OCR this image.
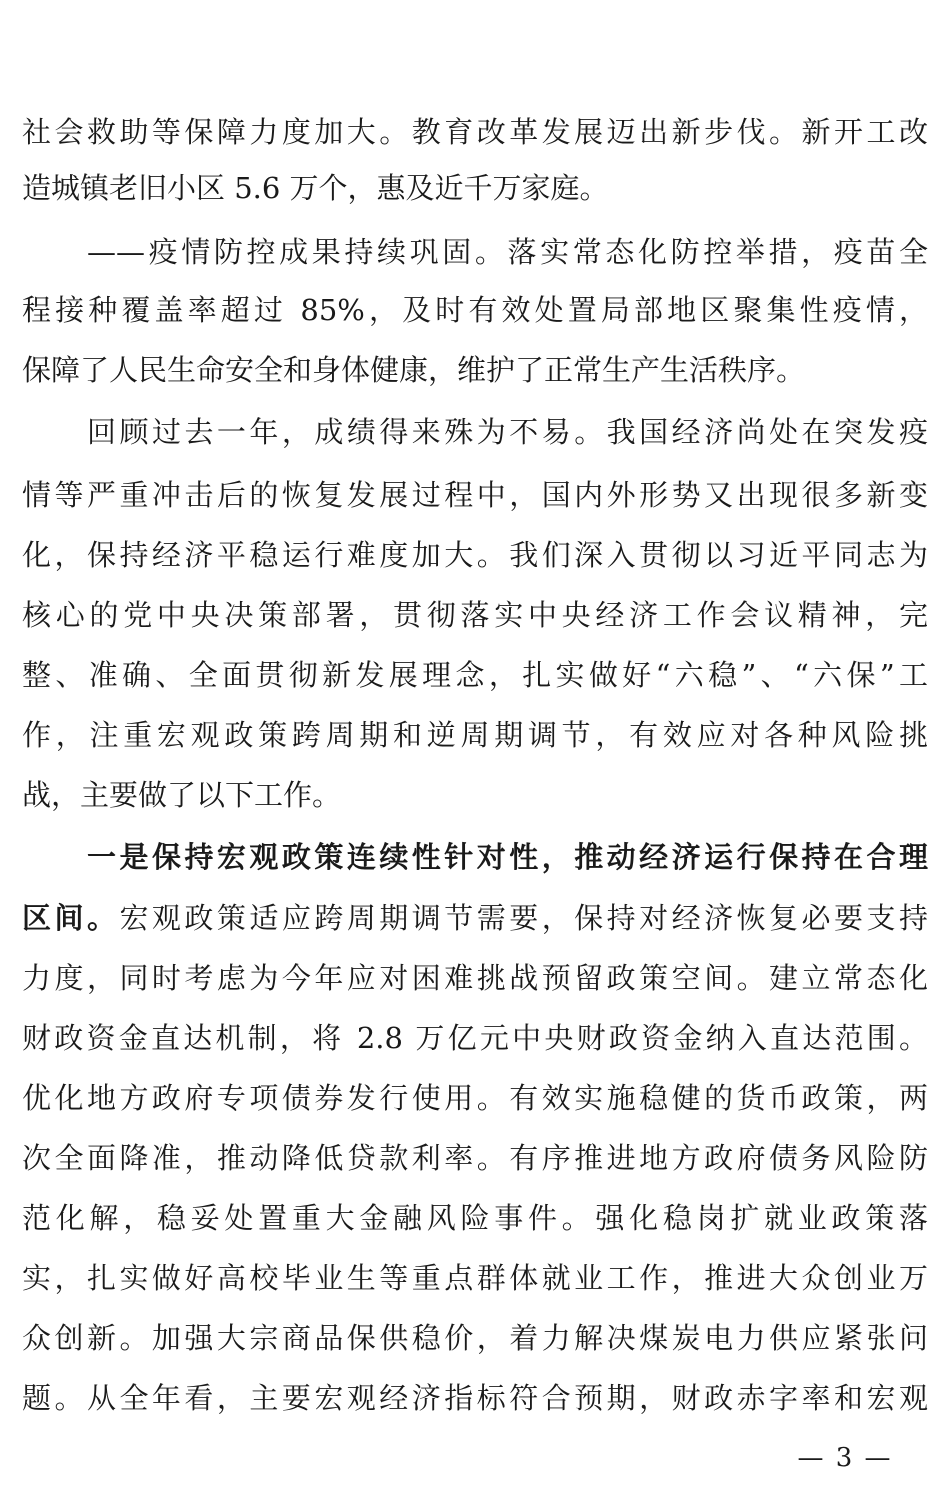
社会救助等保障力度加大。教育改革发展迈出新步伐。新开工改
造城镇老旧小区 5.6 万个，惠及近千万家庭。
——疫情防控成果持续巩固。落实常态化防控举措，疫苗全
程接种覆盖率超过 85%，及时有效处置局部地区聚集性疫情，
保障了人民生命安全和身体健康，维护了正常生产生活秩序。
回顾过去一年，成绩得来殊为不易。我国经济尚处在突发疫
情等严重冲击后的恢复发展过程中，国内外形势又出现很多新变
化，保持经济平稳运行难度加大。我们深入贯彻以习近平同志为
核心的党中央决策部署，贯彻落实中央经济工作会议精神，完
整、准确、全面贯彻新发展理念，扎实做好“六稳”、“六保”工
作，注重宏观政策跨周期和逆周期调节，有效应对各种风险挑
战，主要做了以下工作。
一是保持宏观政策连续性针对性，推动经济运行保持在合理
区间。宏观政策适应跨周期调节需要，保持对经济恢复必要支持
力度，同时考虑为今年应对困难挑战预留政策空间。建立常态化
财政资金直达机制，将 2.8 万亿元中央财政资金纳入直达范围。
优化地方政府专项债券发行使用。有效实施稳健的货币政策，两
次全面降准，推动降低贷款利率。有序推进地方政府债务风险防
范化解，稳妥处置重大金融风险事件。强化稳岗扩就业政策落
实，扎实做好高校毕业生等重点群体就业工作，推进大众创业万
众创新。加强大宗商品保供稳价，着力解决煤炭电力供应紧张问
题。从全年看，主要宏观经济指标符合预期，财政赤字率和宏观
— 3 —
